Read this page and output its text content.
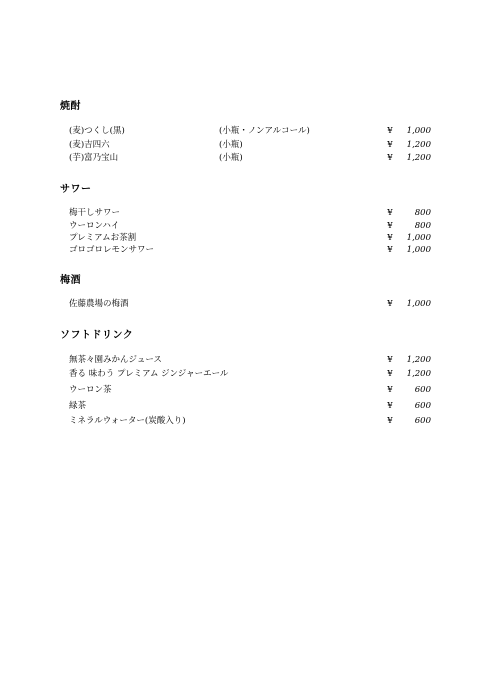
焼酎
(麦)つくし(黒)	(小瓶・ノンアルコール)	¥	1,000
(麦)吉四六	(小瓶)	¥	1,200
(芋)富乃宝山	(小瓶)	¥	1,200
サワー
梅干しサワー	¥	800
ウーロンハイ	¥	800
プレミアムお茶割	¥	1,000
ゴロゴロレモンサワー	¥	1,000
梅酒
佐藤農場の梅酒	¥	1,000
ソフトドリンク
無茶々園みかんジュース	¥	1,200
香る 味わう プレミアム ジンジャーエール	¥	1,200
ウーロン茶	¥	600
緑茶	¥	600
ミネラルウォーター(炭酸入り)	¥	600
